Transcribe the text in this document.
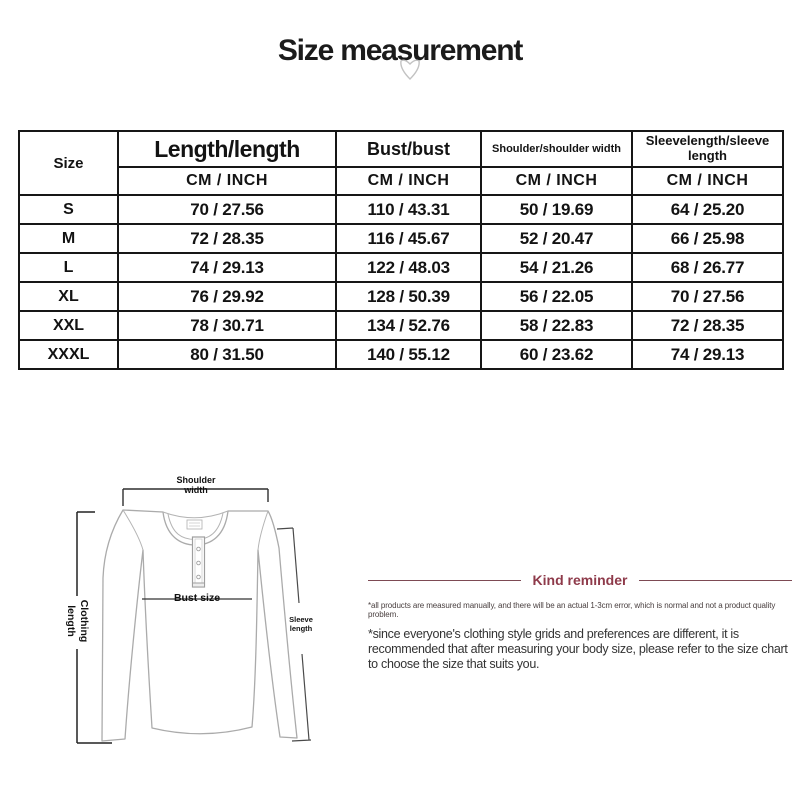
Size measurement
Size	Length/length	Bust/bust	Shoulder/shoulder width	Sleevelength/sleeve length
	CM / INCH	CM / INCH	CM / INCH	CM / INCH
S	70 / 27.56	110 / 43.31	50 / 19.69	64 / 25.20
M	72 / 28.35	116 / 45.67	52 / 20.47	66 / 25.98
L	74 / 29.13	122 / 48.03	54 / 21.26	68 / 26.77
XL	76 / 29.92	128 / 50.39	56 / 22.05	70 / 27.56
XXL	78 / 30.71	134 / 52.76	58 / 22.83	72 / 28.35
XXXL	80 / 31.50	140 / 55.12	60 / 23.62	74 / 29.13
Shoulder width
Clothing length
Bust size
Sleeve length
Kind reminder
*all products are measured manually, and there will be an actual 1-3cm error, which is normal and not a product quality problem.
*since everyone's clothing style grids and preferences are different, it is recommended that after measuring your body size, please refer to the size chart to choose the size that suits you.
